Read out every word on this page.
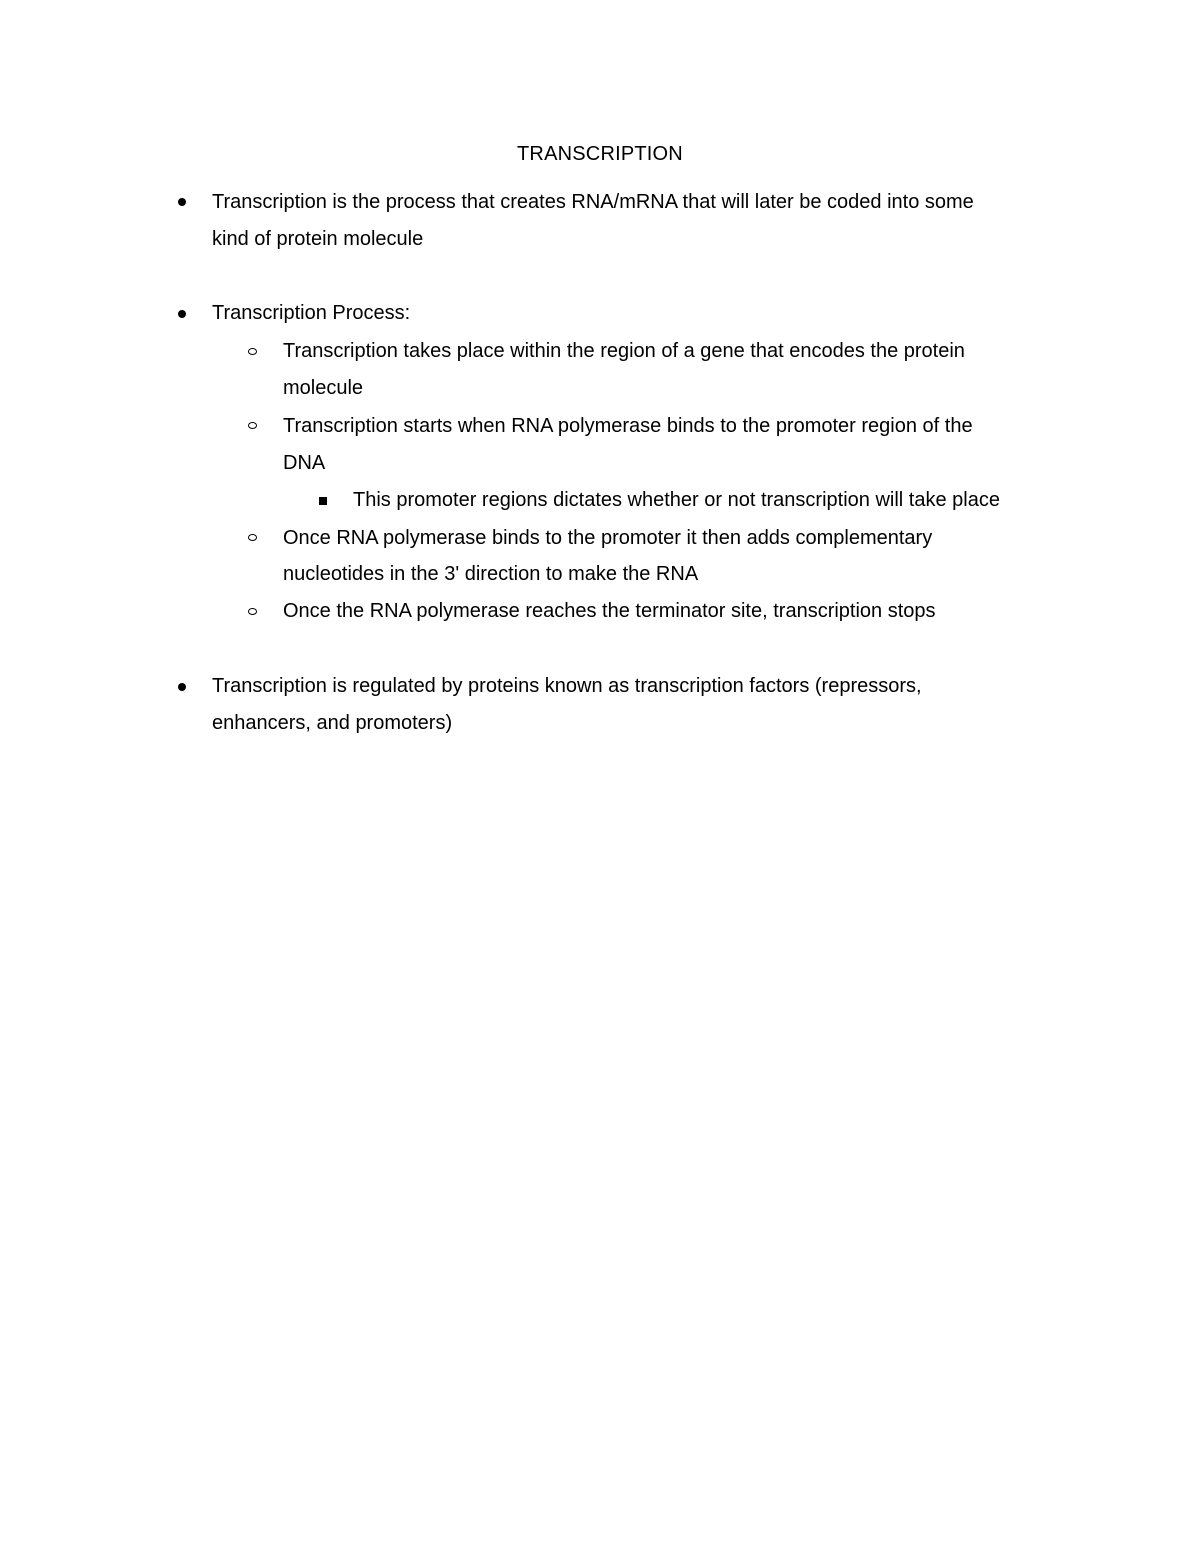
TRANSCRIPTION
Transcription is the process that creates RNA/mRNA that will later be coded into some
kind of protein molecule
Transcription Process:
Transcription takes place within the region of a gene that encodes the protein
molecule
Transcription starts when RNA polymerase binds to the promoter region of the
DNA
This promoter regions dictates whether or not transcription will take place
Once RNA polymerase binds to the promoter it then adds complementary
nucleotides in the 3' direction to make the RNA
Once the RNA polymerase reaches the terminator site, transcription stops
Transcription is regulated by proteins known as transcription factors (repressors,
enhancers, and promoters)
